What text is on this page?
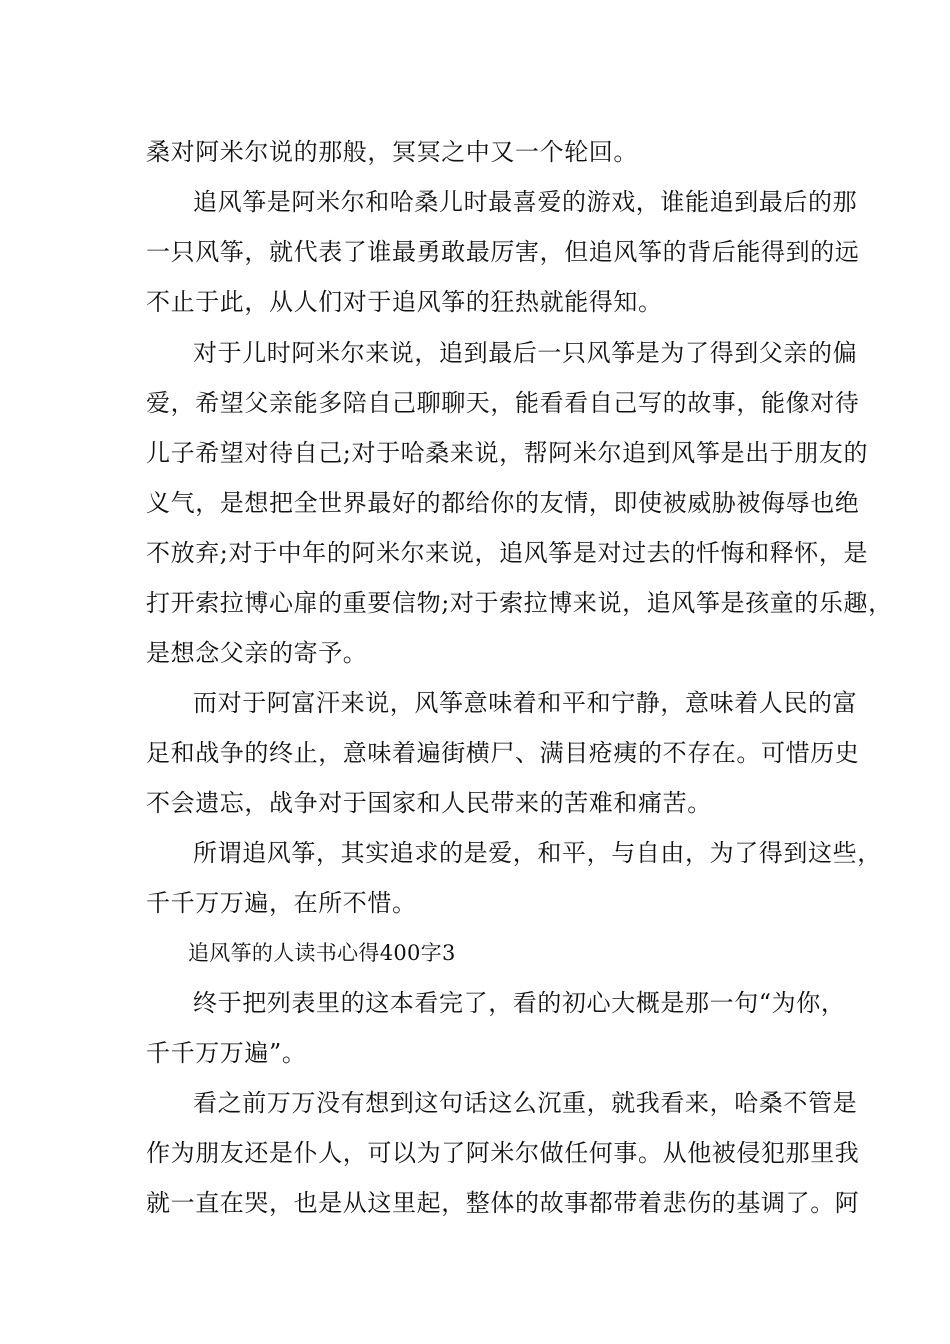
桑对阿米尔说的那般，冥冥之中又一个轮回。
追风筝是阿米尔和哈桑儿时最喜爱的游戏，谁能追到最后的那
一只风筝，就代表了谁最勇敢最厉害，但追风筝的背后能得到的远
不止于此，从人们对于追风筝的狂热就能得知。
对于儿时阿米尔来说，追到最后一只风筝是为了得到父亲的偏
爱，希望父亲能多陪自己聊聊天，能看看自己写的故事，能像对待
儿子希望对待自己;对于哈桑来说，帮阿米尔追到风筝是出于朋友的
义气，是想把全世界最好的都给你的友情，即使被威胁被侮辱也绝
不放弃;对于中年的阿米尔来说，追风筝是对过去的忏悔和释怀，是
打开索拉博心扉的重要信物;对于索拉博来说，追风筝是孩童的乐趣，
是想念父亲的寄予。
而对于阿富汗来说，风筝意味着和平和宁静，意味着人民的富
足和战争的终止，意味着遍街横尸、满目疮痍的不存在。可惜历史
不会遗忘，战争对于国家和人民带来的苦难和痛苦。
所谓追风筝，其实追求的是爱，和平，与自由，为了得到这些，
千千万万遍，在所不惜。
追风筝的人读书心得400字3
终于把列表里的这本看完了，看的初心大概是那一句“为你，
千千万万遍”。
看之前万万没有想到这句话这么沉重，就我看来，哈桑不管是
作为朋友还是仆人，可以为了阿米尔做任何事。从他被侵犯那里我
就一直在哭，也是从这里起，整体的故事都带着悲伤的基调了。阿
